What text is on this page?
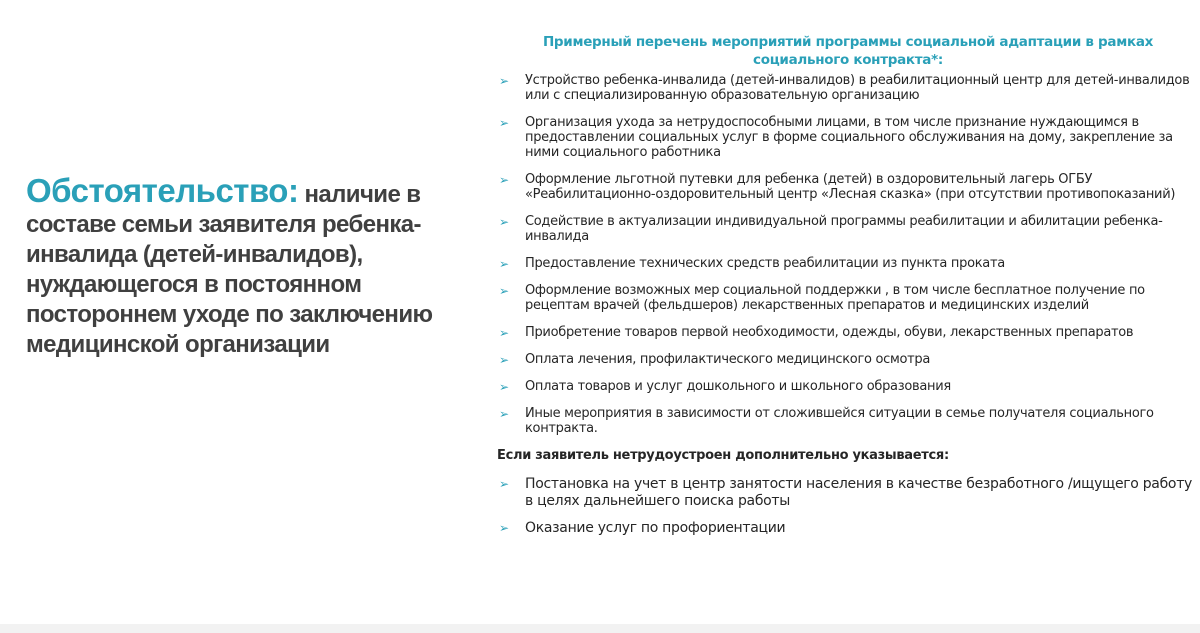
Обстоятельство: наличие в составе семьи заявителя ребенка-инвалида (детей-инвалидов), нуждающегося в постоянном постороннем уходе по заключению медицинской организации
Примерный перечень мероприятий программы социальной адаптации в рамках социального контракта*:
➢ Устройство ребенка-инвалида (детей-инвалидов) в реабилитационный центр для детей-инвалидов или с специализированную образовательную организацию
➢ Организация ухода за нетрудоспособными лицами, в том числе признание нуждающимся в предоставлении социальных услуг в форме социального обслуживания на дому, закрепление за ними социального работника
➢ Оформление льготной путевки для ребенка (детей) в оздоровительный лагерь ОГБУ «Реабилитационно-оздоровительный центр «Лесная сказка» (при отсутствии противопоказаний)
➢ Содействие в актуализации индивидуальной программы реабилитации и абилитации ребенка-инвалида
➢ Предоставление технических средств реабилитации из пункта проката
➢ Оформление возможных мер социальной поддержки , в том числе бесплатное получение по рецептам врачей (фельдшеров) лекарственных препаратов и медицинских изделий
➢ Приобретение товаров первой необходимости, одежды, обуви, лекарственных препаратов
➢ Оплата лечения, профилактического медицинского осмотра
➢ Оплата товаров и услуг дошкольного и школьного образования
➢ Иные мероприятия в зависимости от сложившейся ситуации в семье получателя социального контракта.
Если заявитель нетрудоустроен дополнительно указывается:
➢ Постановка на учет в центр занятости населения в качестве безработного /ищущего работу в целях дальнейшего поиска работы
➢ Оказание услуг по профориентации
